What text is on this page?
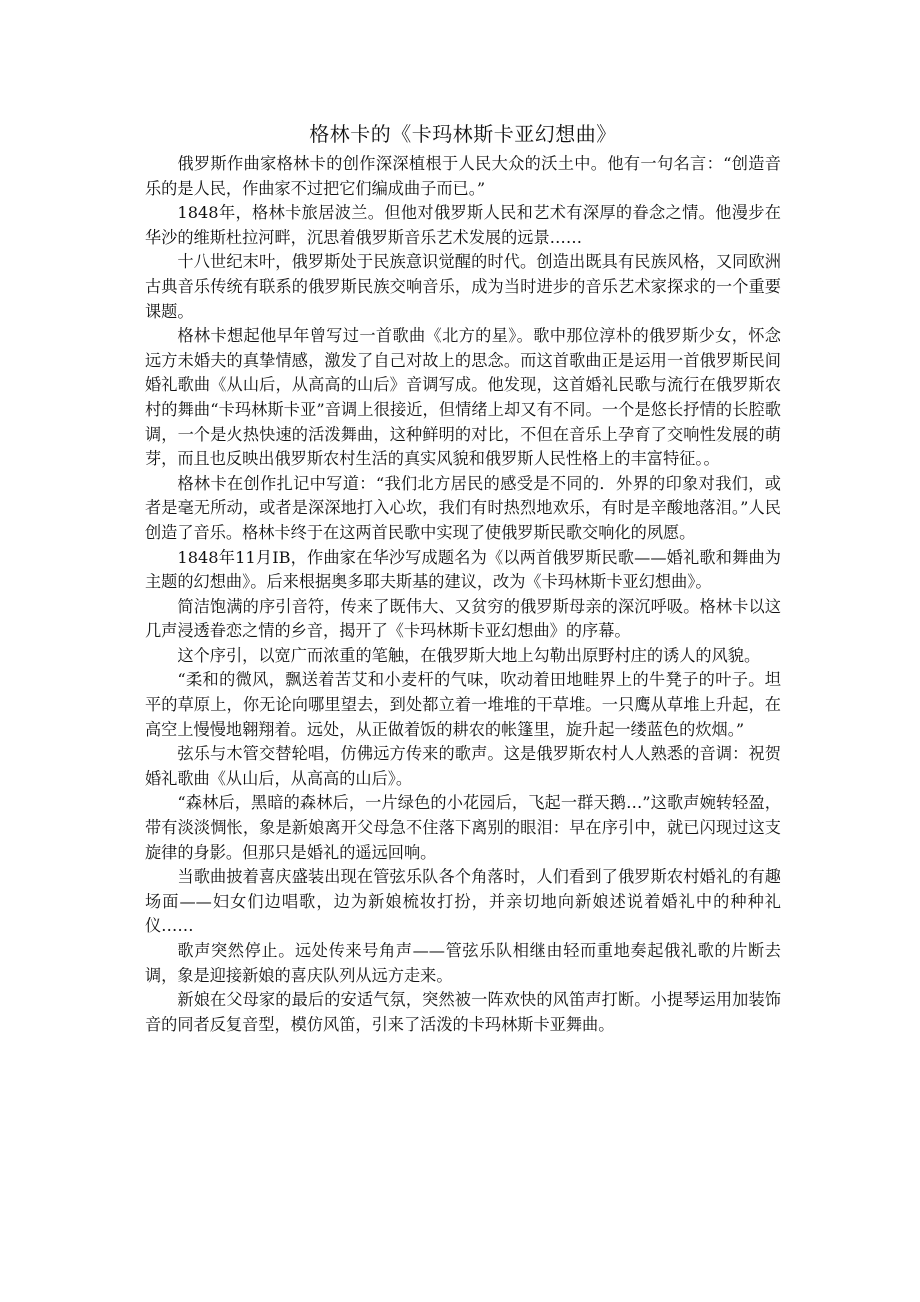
格林卡的《卡玛林斯卡亚幻想曲》

俄罗斯作曲家格林卡的创作深深植根于人民大众的沃土中。他有一句名言：“创造音乐的是人民，作曲家不过把它们编成曲子而已。”

1848年，格林卡旅居波兰。但他对俄罗斯人民和艺术有深厚的眷念之情。他漫步在华沙的维斯杜拉河畔，沉思着俄罗斯音乐艺术发展的远景……

十八世纪末叶，俄罗斯处于民族意识觉醒的时代。创造出既具有民族风格，又同欧洲古典音乐传统有联系的俄罗斯民族交响音乐，成为当时进步的音乐艺术家探求的一个重要课题。

格林卡想起他早年曾写过一首歌曲《北方的星》。歌中那位淳朴的俄罗斯少女，怀念远方未婚夫的真挚情感，激发了自己对故上的思念。而这首歌曲正是运用一首俄罗斯民间婚礼歌曲《从山后，从高高的山后》音调写成。他发现，这首婚礼民歌与流行在俄罗斯农村的舞曲“卡玛林斯卡亚”音调上很接近，但情绪上却又有不同。一个是悠长抒情的长腔歌调，一个是火热快速的活泼舞曲，这种鲜明的对比，不但在音乐上孕育了交响性发展的萌芽，而且也反映出俄罗斯农村生活的真实风貌和俄罗斯人民性格上的丰富特征。。

格林卡在创作扎记中写道：“我们北方居民的感受是不同的．外界的印象对我们，或者是毫无所动，或者是深深地打入心坎，我们有时热烈地欢乐，有时是辛酸地落泪。”人民创造了音乐。格林卡终于在这两首民歌中实现了使俄罗斯民歌交响化的夙愿。

1848年11月IB，作曲家在华沙写成题名为《以两首俄罗斯民歌——婚礼歌和舞曲为主题的幻想曲》。后来根据奥多耶夫斯基的建议，改为《卡玛林斯卡亚幻想曲》。

简洁饱满的序引音符，传来了既伟大、又贫穷的俄罗斯母亲的深沉呼吸。格林卡以这几声浸透眷恋之情的乡音，揭开了《卡玛林斯卡亚幻想曲》的序幕。

这个序引，以宽广而浓重的笔触，在俄罗斯大地上勾勒出原野村庄的诱人的风貌。

“柔和的微风，飘送着苦艾和小麦杆的气味，吹动着田地畦界上的牛凳子的叶子。坦平的草原上，你无论向哪里望去，到处都立着一堆堆的干草堆。一只鹰从草堆上升起，在高空上慢慢地翱翔着。远处，从正做着饭的耕农的帐篷里，旋升起一缕蓝色的炊烟。”

弦乐与木管交替轮唱，仿佛远方传来的歌声。这是俄罗斯农村人人熟悉的音调：祝贺婚礼歌曲《从山后，从高高的山后》。

“森林后，黑暗的森林后，一片绿色的小花园后，飞起一群天鹅…”这歌声婉转轻盈，带有淡淡惆怅，象是新娘离开父母急不住落下离别的眼泪：早在序引中，就已闪现过这支旋律的身影。但那只是婚礼的遥远回响。

当歌曲披着喜庆盛装出现在管弦乐队各个角落时，人们看到了俄罗斯农村婚礼的有趣场面——妇女们边唱歌，边为新娘梳妆打扮，并亲切地向新娘述说着婚礼中的种种礼仪……

歌声突然停止。远处传来号角声——管弦乐队相继由轻而重地奏起俄礼歌的片断去调，象是迎接新娘的喜庆队列从远方走来。

新娘在父母家的最后的安适气氛，突然被一阵欢快的风笛声打断。小提琴运用加装饰音的同者反复音型，模仿风笛，引来了活泼的卡玛林斯卡亚舞曲。
